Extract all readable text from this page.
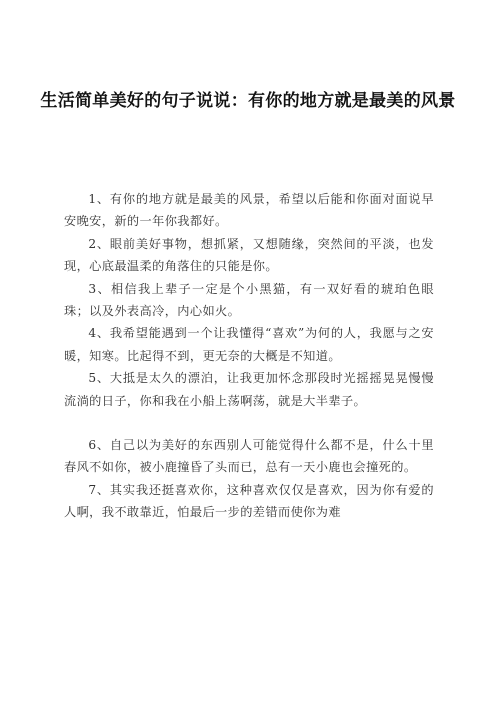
生活简单美好的句子说说：有你的地方就是最美的风景

1、有你的地方就是最美的风景，希望以后能和你面对面说早安晚安，新的一年你我都好。

2、眼前美好事物，想抓紧，又想随缘，突然间的平淡，也发现，心底最温柔的角落住的只能是你。

3、相信我上辈子一定是个小黑猫，有一双好看的琥珀色眼珠；以及外表高冷，内心如火。

4、我希望能遇到一个让我懂得“喜欢”为何的人，我愿与之安暖，知寒。比起得不到，更无奈的大概是不知道。

5、大抵是太久的漂泊，让我更加怀念那段时光摇摇晃晃慢慢流淌的日子，你和我在小船上荡啊荡，就是大半辈子。

6、自己以为美好的东西别人可能觉得什么都不是，什么十里春风不如你，被小鹿撞昏了头而已，总有一天小鹿也会撞死的。

7、其实我还挺喜欢你，这种喜欢仅仅是喜欢，因为你有爱的人啊，我不敢靠近，怕最后一步的差错而使你为难
